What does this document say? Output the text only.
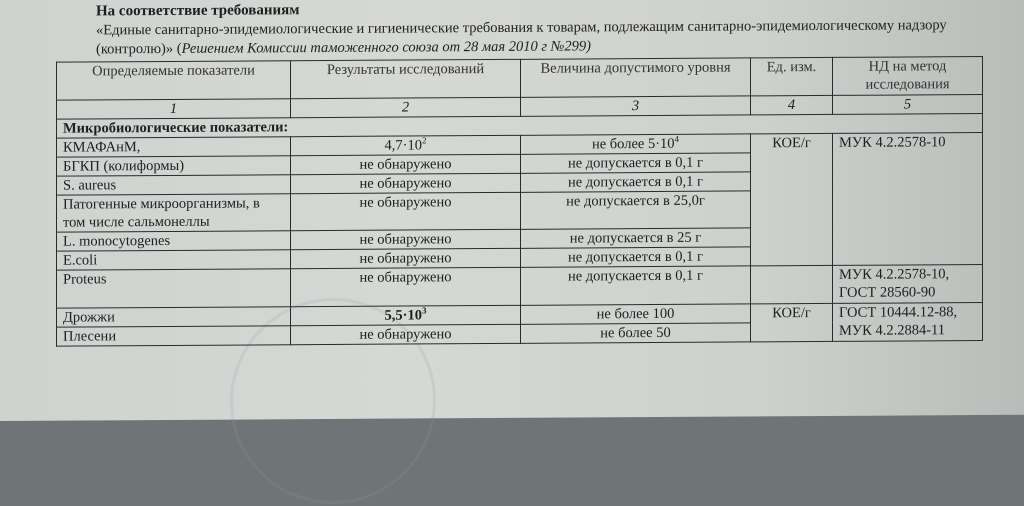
На соответствие требованиям
«Единые санитарно-эпидемиологические и гигиенические требования к товарам, подлежащим санитарно-эпидемиологическому надзору (контролю)» (Решением Комиссии таможенного союза от 28 мая 2010 г №299)
Определяемые показатели	Результаты исследований	Величина допустимого уровня	Ед. изм.	НД на метод исследования
1	2	3	4	5
Микробиологические показатели:				
КМАФАнМ,	$4,7\cdot 10^2$	не более $5\cdot 10^4$	КОЕ/г	МУК 4.2.2578-10
БГКП (колиформы)	не обнаружено	не допускается в 0,1 г		
S. aureus	не обнаружено	не допускается в 0,1 г		
Патогенные микроорганизмы, в том числе сальмонеллы	не обнаружено	не допускается в 25,0г		
L. monocytogenes	не обнаружено	не допускается в 25 г		
E.coli	не обнаружено	не допускается в 0,1 г		
Proteus	не обнаружено	не допускается в 0,1 г		МУК 4.2.2578-10, ГОСТ 28560-90
Дрожжи	$5,5\cdot 10^3$	не более 100	КОЕ/г	ГОСТ 10444.12-88, МУК 4.2.2884-11
Плесени	не обнаружено	не более 50		
